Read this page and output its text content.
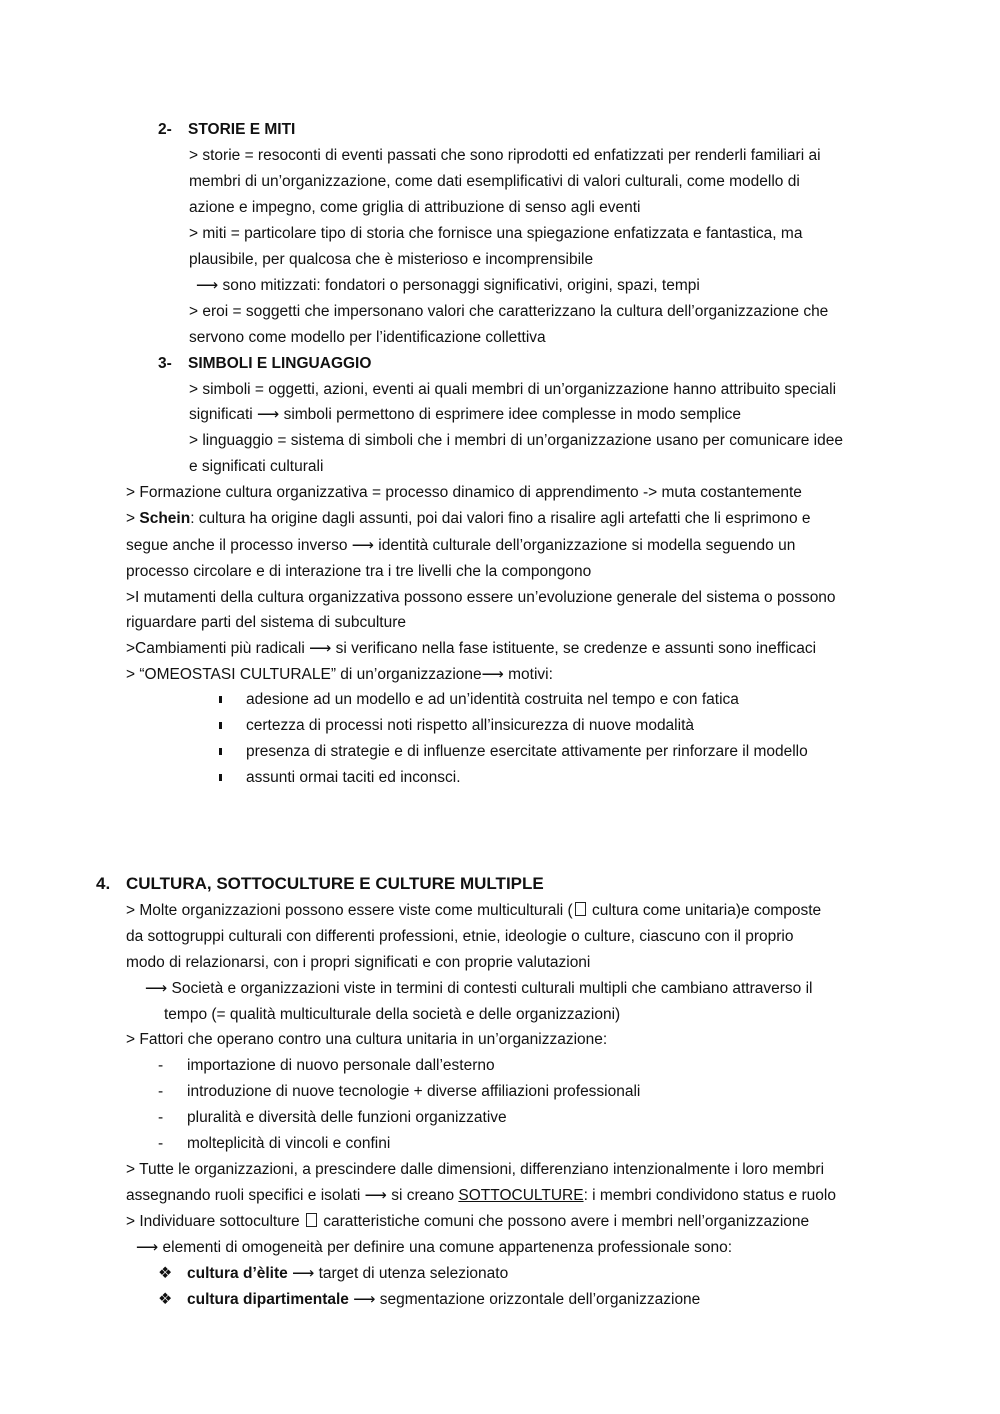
2- STORIE E MITI
> storie = resoconti di eventi passati che sono riprodotti ed enfatizzati per renderli familiari ai
membri di un’organizzazione, come dati esemplificativi di valori culturali, come modello di
azione e impegno, come griglia di attribuzione di senso agli eventi
> miti = particolare tipo di storia che fornisce una spiegazione enfatizzata e fantastica, ma
plausibile, per qualcosa che è misterioso e incomprensibile
⟶ sono mitizzati: fondatori o personaggi significativi, origini, spazi, tempi
> eroi = soggetti che impersonano valori che caratterizzano la cultura dell’organizzazione che
servono come modello per l’identificazione collettiva
3- SIMBOLI E LINGUAGGIO
> simboli = oggetti, azioni, eventi ai quali membri di un’organizzazione hanno attribuito speciali
significati ⟶ simboli permettono di esprimere idee complesse in modo semplice
> linguaggio = sistema di simboli che i membri di un’organizzazione usano per comunicare idee
e significati culturali
> Formazione cultura organizzativa = processo dinamico di apprendimento -> muta costantemente
> Schein: cultura ha origine dagli assunti, poi dai valori fino a risalire agli artefatti che li esprimono e
segue anche il processo inverso ⟶ identità culturale dell’organizzazione si modella seguendo un
processo circolare e di interazione tra i tre livelli che la compongono
>I mutamenti della cultura organizzativa possono essere un’evoluzione generale del sistema o possono
riguardare parti del sistema di subculture
>Cambiamenti più radicali ⟶ si verificano nella fase istituente, se credenze e assunti sono inefficaci
> “OMEOSTASI CULTURALE” di un’organizzazione⟶ motivi:
adesione ad un modello e ad un’identità costruita nel tempo e con fatica
certezza di processi noti rispetto all’insicurezza di nuove modalità
presenza di strategie e di influenze esercitate attivamente per rinforzare il modello
assunti ormai taciti ed inconsci.
4. CULTURA, SOTTOCULTURE E CULTURE MULTIPLE
> Molte organizzazioni possono essere viste come multiculturali ( cultura come unitaria)e composte
da sottogruppi culturali con differenti professioni, etnie, ideologie o culture, ciascuno con il proprio
modo di relazionarsi, con i propri significati e con proprie valutazioni
⟶ Società e organizzazioni viste in termini di contesti culturali multipli che cambiano attraverso il
tempo (= qualità multiculturale della società e delle organizzazioni)
> Fattori che operano contro una cultura unitaria in un’organizzazione:
- importazione di nuovo personale dall’esterno
- introduzione di nuove tecnologie + diverse affiliazioni professionali
- pluralità e diversità delle funzioni organizzative
- molteplicità di vincoli e confini
> Tutte le organizzazioni, a prescindere dalle dimensioni, differenziano intenzionalmente i loro membri
assegnando ruoli specifici e isolati ⟶ si creano SOTTOCULTURE: i membri condividono status e ruolo
> Individuare sottoculture  caratteristiche comuni che possono avere i membri nell’organizzazione
⟶ elementi di omogeneità per definire una comune appartenenza professionale sono:
❖ cultura d’èlite ⟶ target di utenza selezionato
❖ cultura dipartimentale ⟶ segmentazione orizzontale dell’organizzazione
